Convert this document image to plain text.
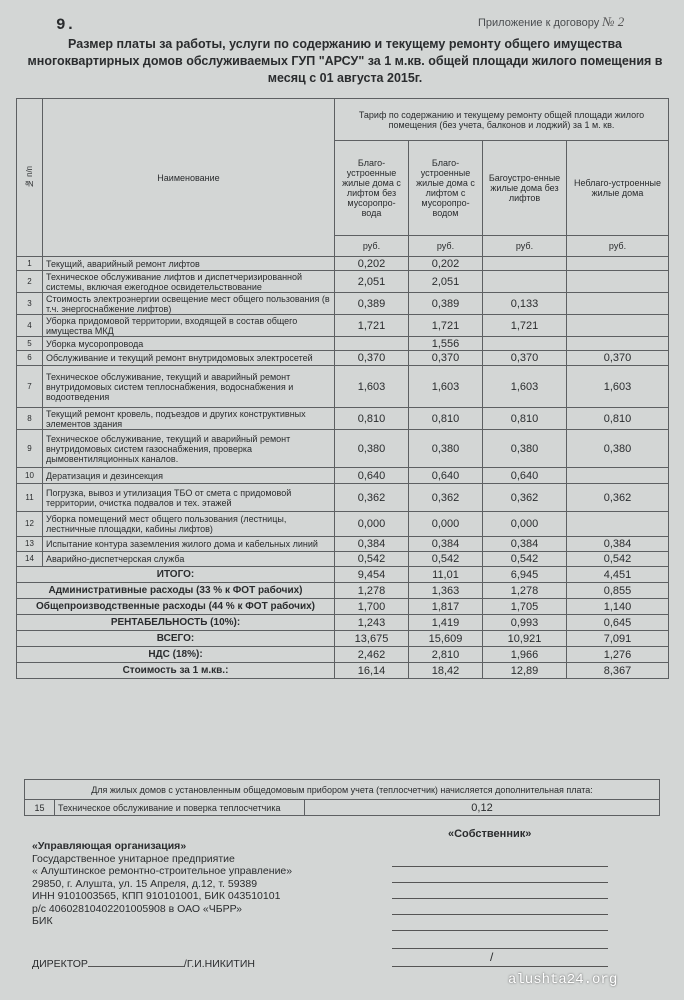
9.	Приложение к договору № 2
Размер платы за работы, услуги по содержанию и текущему ремонту общего имущества многоквартирных домов обслуживаемых ГУП "АРСУ" за 1 м.кв. общей площади жилого помещения в месяц с 01 августа 2015г.
№ п/п	Наименование	Тариф по содержанию и текущему ремонту общей площади жилого помещения (без учета, балконов и лоджий) за 1 м. кв.			
		Благо-устроенные жилые дома с лифтом без мусоропро-вода	Благо-устроенные жилые дома с лифтом с мусоропро-водом	Багоустро-енные жилые дома без лифтов	Неблаго-устроенные жилые дома
		руб.	руб.	руб.	руб.
1	Текущий, аварийный ремонт лифтов	0,202	0,202		
2	Техническое обслуживание лифтов и диспетчеризированной системы, включая ежегодное освидетельствование	2,051	2,051		
3	Стоимость электроэнергии освещение мест общего пользования (в т.ч. энергоснабжение лифтов)	0,389	0,389	0,133	
4	Уборка придомовой территории, входящей в состав общего имущества МКД	1,721	1,721	1,721	
5	Уборка мусоропровода		1,556		
6	Обслуживание и текущий ремонт внутридомовых электросетей	0,370	0,370	0,370	0,370
7	Техническое обслуживание, текущий и аварийный ремонт внутридомовых систем теплоснабжения, водоснабжения и водоотведения	1,603	1,603	1,603	1,603
8	Текущий ремонт кровель, подъездов и других конструктивных элементов здания	0,810	0,810	0,810	0,810
9	Техническое обслуживание, текущий и аварийный ремонт внутридомовых систем газоснабжения, проверка дымовентиляционных каналов.	0,380	0,380	0,380	0,380
10	Дератизация и дезинсекция	0,640	0,640	0,640	
11	Погрузка, вывоз и утилизация ТБО от смета с придомовой территории, очистка подвалов и тех. этажей	0,362	0,362	0,362	0,362
12	Уборка помещений мест общего пользования (лестницы, лестничные площадки, кабины лифтов)	0,000	0,000	0,000	
13	Испытание контура заземления жилого дома и кабельных линий	0,384	0,384	0,384	0,384
14	Аварийно-диспетчерская служба	0,542	0,542	0,542	0,542
ИТОГО:		9,454	11,01	6,945	4,451
Административные расходы (33 % к ФОТ рабочих)		1,278	1,363	1,278	0,855
Общепроизводственные расходы (44 % к ФОТ рабочих)		1,700	1,817	1,705	1,140
РЕНТАБЕЛЬНОСТЬ (10%):		1,243	1,419	0,993	0,645
ВСЕГО:		13,675	15,609	10,921	7,091
НДС (18%):		2,462	2,810	1,966	1,276
Стоимость за 1 м.кв.:		16,14	18,42	12,89	8,367
Для жилых домов с установленным общедомовым прибором учета (теплосчетчик) начисляется дополнительная плата:
15	Техническое обслуживание и поверка теплосчетчика	0,12
«Управляющая организация»
Государственное унитарное предприятие
« Алуштинское ремонтно-строительное управление»
29850, г. Алушта, ул. 15 Апреля, д.12, т. 59389
ИНН 9101003565, КПП 910101001, БИК 043510101
р/с 40602810402201005908 в ОАО «ЧБРР»
БИК
ДИРЕКТОР	/Г.И.НИКИТИН
«Собственник»
/
alushta24.org
